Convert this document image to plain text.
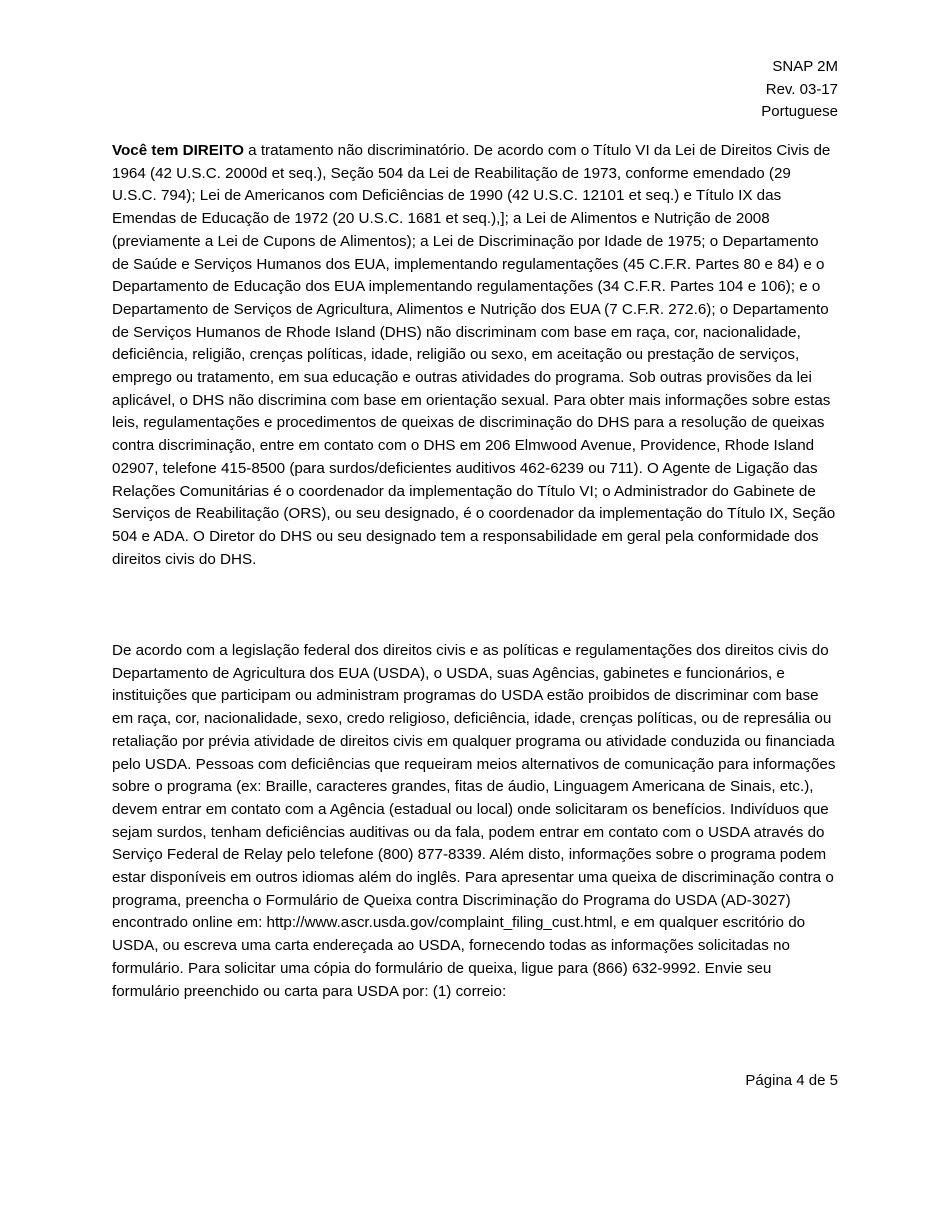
SNAP 2M
Rev. 03-17
Portuguese

Você tem DIREITO a tratamento não discriminatório. De acordo com o Título VI da Lei de Direitos Civis de 1964 (42 U.S.C. 2000d et seq.), Seção 504 da Lei de Reabilitação de 1973, conforme emendado (29 U.S.C. 794); Lei de Americanos com Deficiências de 1990 (42 U.S.C. 12101 et seq.) e Título IX das Emendas de Educação de 1972 (20 U.S.C. 1681 et seq.),]; a Lei de Alimentos e Nutrição de 2008 (previamente a Lei de Cupons de Alimentos); a Lei de Discriminação por Idade de 1975; o Departamento de Saúde e Serviços Humanos dos EUA, implementando regulamentações (45 C.F.R. Partes 80 e 84) e o Departamento de Educação dos EUA implementando regulamentações (34 C.F.R. Partes 104 e 106); e o Departamento de Serviços de Agricultura, Alimentos e Nutrição dos EUA (7 C.F.R. 272.6); o Departamento de Serviços Humanos de Rhode Island (DHS) não discriminam com base em raça, cor, nacionalidade, deficiência, religião, crenças políticas, idade, religião ou sexo, em aceitação ou prestação de serviços, emprego ou tratamento, em sua educação e outras atividades do programa. Sob outras provisões da lei aplicável, o DHS não discrimina com base em orientação sexual. Para obter mais informações sobre estas leis, regulamentações e procedimentos de queixas de discriminação do DHS para a resolução de queixas contra discriminação, entre em contato com o DHS em 206 Elmwood Avenue, Providence, Rhode Island 02907, telefone 415-8500 (para surdos/deficientes auditivos 462-6239 ou 711). O Agente de Ligação das Relações Comunitárias é o coordenador da implementação do Título VI; o Administrador do Gabinete de Serviços de Reabilitação (ORS), ou seu designado, é o coordenador da implementação do Título IX, Seção 504 e ADA. O Diretor do DHS ou seu designado tem a responsabilidade em geral pela conformidade dos direitos civis do DHS.

De acordo com a legislação federal dos direitos civis e as políticas e regulamentações dos direitos civis do Departamento de Agricultura dos EUA (USDA), o USDA, suas Agências, gabinetes e funcionários, e instituições que participam ou administram programas do USDA estão proibidos de discriminar com base em raça, cor, nacionalidade, sexo, credo religioso, deficiência, idade, crenças políticas, ou de represália ou retaliação por prévia atividade de direitos civis em qualquer programa ou atividade conduzida ou financiada pelo USDA. Pessoas com deficiências que requeiram meios alternativos de comunicação para informações sobre o programa (ex: Braille, caracteres grandes, fitas de áudio, Linguagem Americana de Sinais, etc.), devem entrar em contato com a Agência (estadual ou local) onde solicitaram os benefícios. Indivíduos que sejam surdos, tenham deficiências auditivas ou da fala, podem entrar em contato com o USDA através do Serviço Federal de Relay pelo telefone (800) 877-8339. Além disto, informações sobre o programa podem estar disponíveis em outros idiomas além do inglês. Para apresentar uma queixa de discriminação contra o programa, preencha o Formulário de Queixa contra Discriminação do Programa do USDA (AD-3027) encontrado online em: http://www.ascr.usda.gov/complaint_filing_cust.html, e em qualquer escritório do USDA, ou escreva uma carta endereçada ao USDA, fornecendo todas as informações solicitadas no formulário. Para solicitar uma cópia do formulário de queixa, ligue para (866) 632-9992. Envie seu formulário preenchido ou carta para USDA por: (1) correio:

Página 4 de 5
